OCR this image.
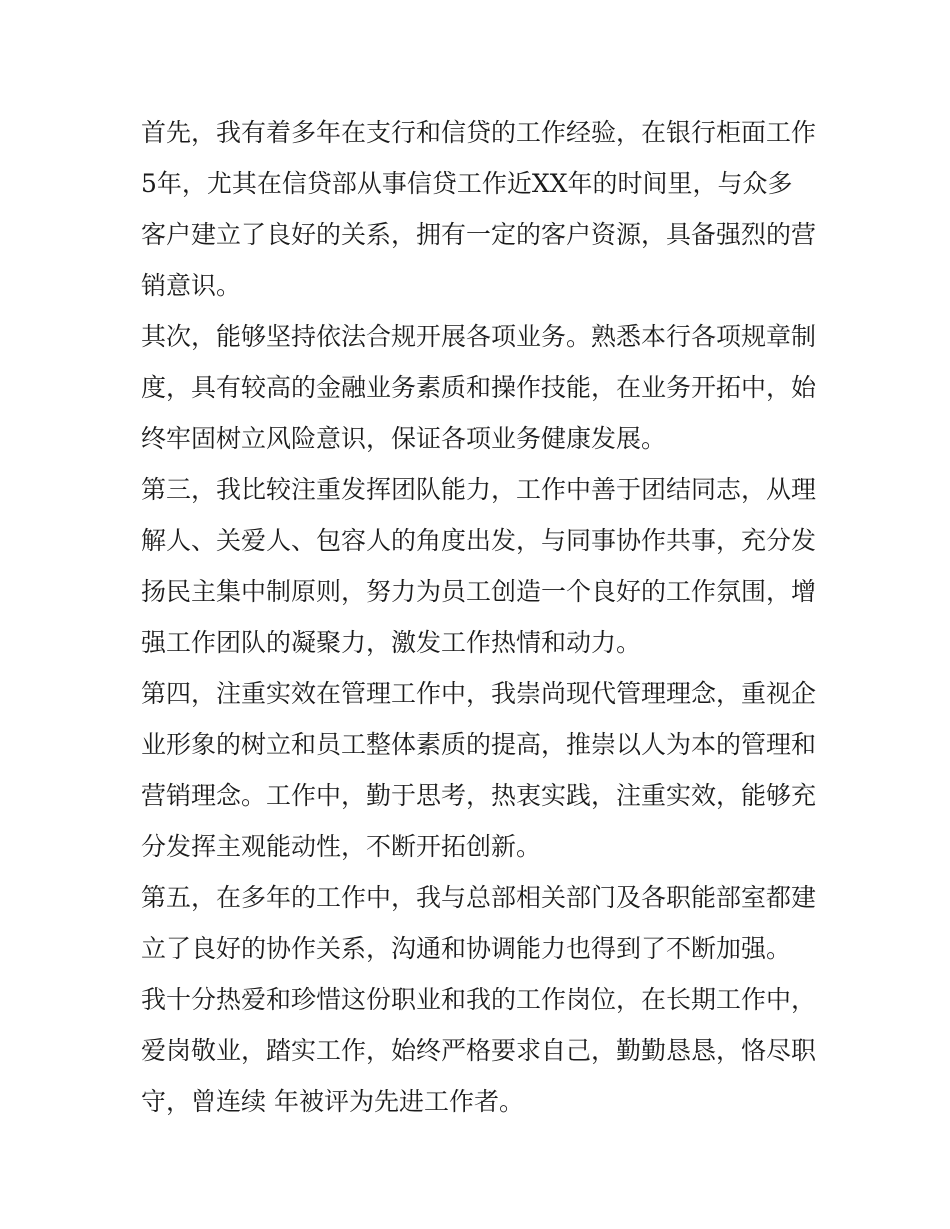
首先，我有着多年在支行和信贷的工作经验，在银行柜面工作
5年，尤其在信贷部从事信贷工作近XX年的时间里，与众多
客户建立了良好的关系，拥有一定的客户资源，具备强烈的营
销意识。
其次，能够坚持依法合规开展各项业务。熟悉本行各项规章制
度，具有较高的金融业务素质和操作技能，在业务开拓中，始
终牢固树立风险意识，保证各项业务健康发展。
第三，我比较注重发挥团队能力，工作中善于团结同志，从理
解人、关爱人、包容人的角度出发，与同事协作共事，充分发
扬民主集中制原则，努力为员工创造一个良好的工作氛围，增
强工作团队的凝聚力，激发工作热情和动力。
第四，注重实效在管理工作中，我崇尚现代管理理念，重视企
业形象的树立和员工整体素质的提高，推崇以人为本的管理和
营销理念。工作中，勤于思考，热衷实践，注重实效，能够充
分发挥主观能动性，不断开拓创新。
第五，在多年的工作中，我与总部相关部门及各职能部室都建
立了良好的协作关系，沟通和协调能力也得到了不断加强。
我十分热爱和珍惜这份职业和我的工作岗位，在长期工作中，
爱岗敬业，踏实工作，始终严格要求自己，勤勤恳恳，恪尽职
守，曾连续 年被评为先进工作者。
